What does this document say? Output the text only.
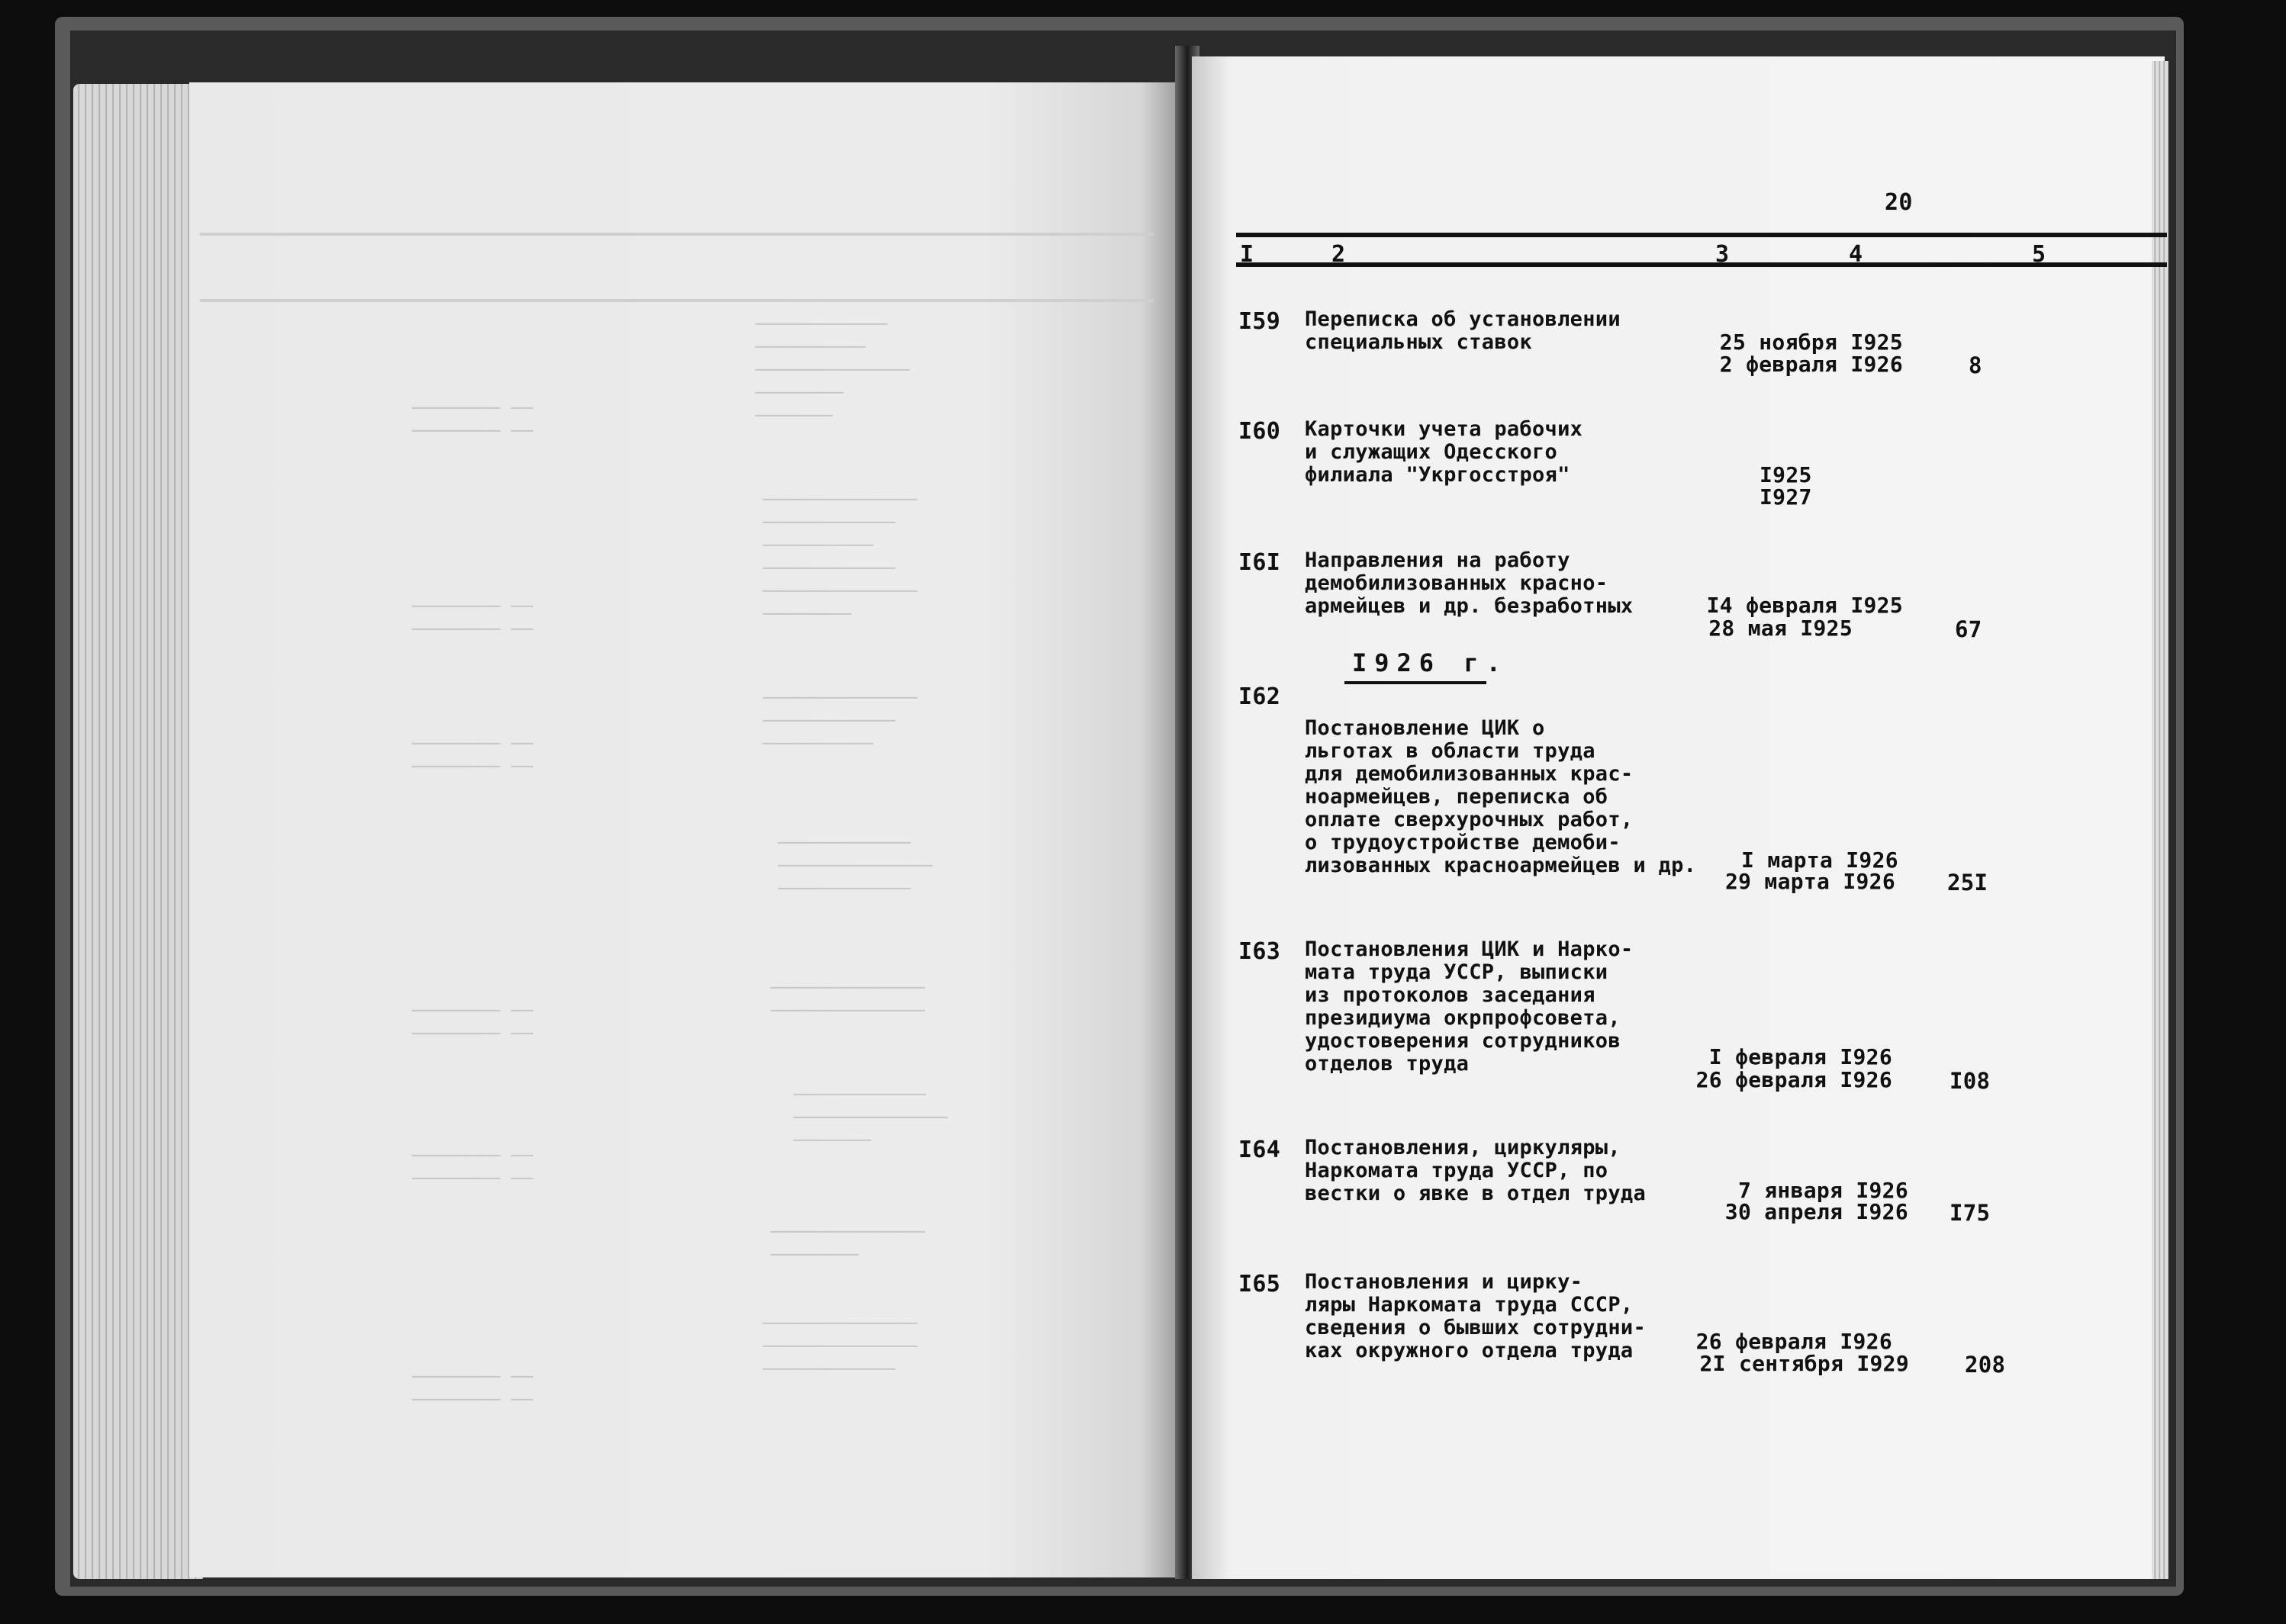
────────────
──────────
──────────────
────────
───────
──────────────
────────────
──────────
────────────
──────────────
────────
──────────────
────────────
──────────
────────────
──────────────
────────────
──────────────
──────────────
────────────
──────────────
───────
──────────────
────────
──────────────
──────────────
────────────
──────── ──
──────── ──
──────── ──
──────── ──
──────── ──
──────── ──
──────── ──
──────── ──
──────── ──
──────── ──
──────── ──
──────── ──
20
I	2	3	4	5
I59 Переписка об установлении
специальных ставок	25 ноября I925
2 февраля I926	8
I60 Карточки учета рабочих
и служащих Одесского
филиала "Укргосстроя"	I925
I927
I6I Направления на работу
демобилизованных красно-
армейцев и др. безработных	I4 февраля I925
28 мая I925	67
I926 г.
I62
Постановление ЦИК о
льготах в области труда
для демобилизованных крас-
ноармейцев, переписка об
оплате сверхурочных работ,
о трудоустройстве демоби-
лизованных красноармейцев и др. I марта I926
29 марта I926 25I
I63 Постановления ЦИК и Нарко-
мата труда УССР, выписки
из протоколов заседания
президиума окрпрофсовета,
удостоверения сотрудников
отделов труда	I февраля I926
26 февраля I926	I08
I64 Постановления, циркуляры,
Наркомата труда УССР, по
вестки о явке в отдел труда	7 января I926
30 апреля I926 I75
I65 Постановления и цирку-
ляры Наркомата труда СССР,
сведения о бывших сотрудни-
ках окружного отдела труда	26 февраля I926
2I сентября I929	208
